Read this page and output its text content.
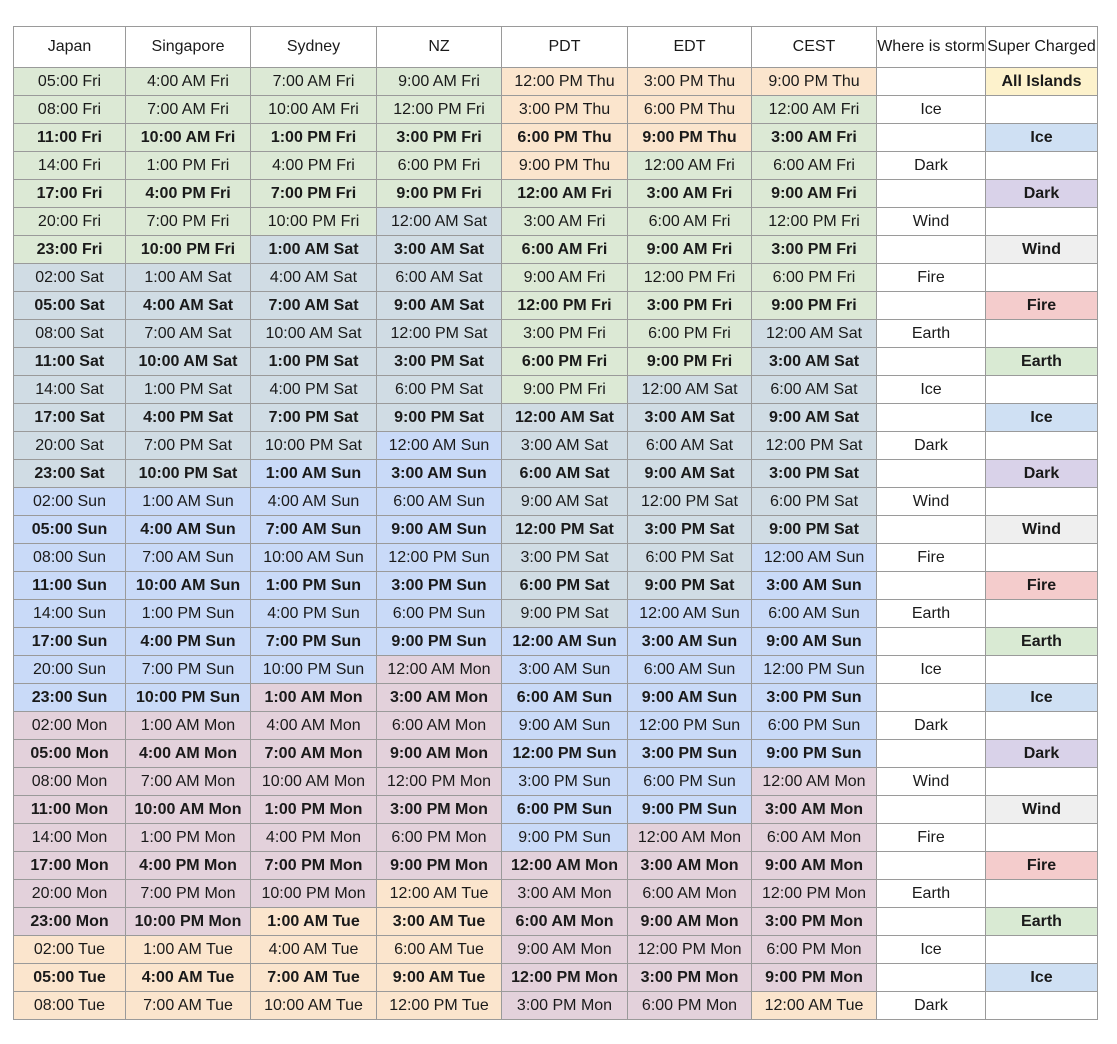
Japan	Singapore	Sydney	NZ	PDT	EDT	CEST	Where is storm	Super Charged
05:00 Fri	4:00 AM Fri	7:00 AM Fri	9:00 AM Fri	12:00 PM Thu	3:00 PM Thu	9:00 PM Thu		All Islands
08:00 Fri	7:00 AM Fri	10:00 AM Fri	12:00 PM Fri	3:00 PM Thu	6:00 PM Thu	12:00 AM Fri	Ice	
11:00 Fri	10:00 AM Fri	1:00 PM Fri	3:00 PM Fri	6:00 PM Thu	9:00 PM Thu	3:00 AM Fri		Ice
14:00 Fri	1:00 PM Fri	4:00 PM Fri	6:00 PM Fri	9:00 PM Thu	12:00 AM Fri	6:00 AM Fri	Dark	
17:00 Fri	4:00 PM Fri	7:00 PM Fri	9:00 PM Fri	12:00 AM Fri	3:00 AM Fri	9:00 AM Fri		Dark
20:00 Fri	7:00 PM Fri	10:00 PM Fri	12:00 AM Sat	3:00 AM Fri	6:00 AM Fri	12:00 PM Fri	Wind	
23:00 Fri	10:00 PM Fri	1:00 AM Sat	3:00 AM Sat	6:00 AM Fri	9:00 AM Fri	3:00 PM Fri		Wind
02:00 Sat	1:00 AM Sat	4:00 AM Sat	6:00 AM Sat	9:00 AM Fri	12:00 PM Fri	6:00 PM Fri	Fire	
05:00 Sat	4:00 AM Sat	7:00 AM Sat	9:00 AM Sat	12:00 PM Fri	3:00 PM Fri	9:00 PM Fri		Fire
08:00 Sat	7:00 AM Sat	10:00 AM Sat	12:00 PM Sat	3:00 PM Fri	6:00 PM Fri	12:00 AM Sat	Earth	
11:00 Sat	10:00 AM Sat	1:00 PM Sat	3:00 PM Sat	6:00 PM Fri	9:00 PM Fri	3:00 AM Sat		Earth
14:00 Sat	1:00 PM Sat	4:00 PM Sat	6:00 PM Sat	9:00 PM Fri	12:00 AM Sat	6:00 AM Sat	Ice	
17:00 Sat	4:00 PM Sat	7:00 PM Sat	9:00 PM Sat	12:00 AM Sat	3:00 AM Sat	9:00 AM Sat		Ice
20:00 Sat	7:00 PM Sat	10:00 PM Sat	12:00 AM Sun	3:00 AM Sat	6:00 AM Sat	12:00 PM Sat	Dark	
23:00 Sat	10:00 PM Sat	1:00 AM Sun	3:00 AM Sun	6:00 AM Sat	9:00 AM Sat	3:00 PM Sat		Dark
02:00 Sun	1:00 AM Sun	4:00 AM Sun	6:00 AM Sun	9:00 AM Sat	12:00 PM Sat	6:00 PM Sat	Wind	
05:00 Sun	4:00 AM Sun	7:00 AM Sun	9:00 AM Sun	12:00 PM Sat	3:00 PM Sat	9:00 PM Sat		Wind
08:00 Sun	7:00 AM Sun	10:00 AM Sun	12:00 PM Sun	3:00 PM Sat	6:00 PM Sat	12:00 AM Sun	Fire	
11:00 Sun	10:00 AM Sun	1:00 PM Sun	3:00 PM Sun	6:00 PM Sat	9:00 PM Sat	3:00 AM Sun		Fire
14:00 Sun	1:00 PM Sun	4:00 PM Sun	6:00 PM Sun	9:00 PM Sat	12:00 AM Sun	6:00 AM Sun	Earth	
17:00 Sun	4:00 PM Sun	7:00 PM Sun	9:00 PM Sun	12:00 AM Sun	3:00 AM Sun	9:00 AM Sun		Earth
20:00 Sun	7:00 PM Sun	10:00 PM Sun	12:00 AM Mon	3:00 AM Sun	6:00 AM Sun	12:00 PM Sun	Ice	
23:00 Sun	10:00 PM Sun	1:00 AM Mon	3:00 AM Mon	6:00 AM Sun	9:00 AM Sun	3:00 PM Sun		Ice
02:00 Mon	1:00 AM Mon	4:00 AM Mon	6:00 AM Mon	9:00 AM Sun	12:00 PM Sun	6:00 PM Sun	Dark	
05:00 Mon	4:00 AM Mon	7:00 AM Mon	9:00 AM Mon	12:00 PM Sun	3:00 PM Sun	9:00 PM Sun		Dark
08:00 Mon	7:00 AM Mon	10:00 AM Mon	12:00 PM Mon	3:00 PM Sun	6:00 PM Sun	12:00 AM Mon	Wind	
11:00 Mon	10:00 AM Mon	1:00 PM Mon	3:00 PM Mon	6:00 PM Sun	9:00 PM Sun	3:00 AM Mon		Wind
14:00 Mon	1:00 PM Mon	4:00 PM Mon	6:00 PM Mon	9:00 PM Sun	12:00 AM Mon	6:00 AM Mon	Fire	
17:00 Mon	4:00 PM Mon	7:00 PM Mon	9:00 PM Mon	12:00 AM Mon	3:00 AM Mon	9:00 AM Mon		Fire
20:00 Mon	7:00 PM Mon	10:00 PM Mon	12:00 AM Tue	3:00 AM Mon	6:00 AM Mon	12:00 PM Mon	Earth	
23:00 Mon	10:00 PM Mon	1:00 AM Tue	3:00 AM Tue	6:00 AM Mon	9:00 AM Mon	3:00 PM Mon		Earth
02:00 Tue	1:00 AM Tue	4:00 AM Tue	6:00 AM Tue	9:00 AM Mon	12:00 PM Mon	6:00 PM Mon	Ice	
05:00 Tue	4:00 AM Tue	7:00 AM Tue	9:00 AM Tue	12:00 PM Mon	3:00 PM Mon	9:00 PM Mon		Ice
08:00 Tue	7:00 AM Tue	10:00 AM Tue	12:00 PM Tue	3:00 PM Mon	6:00 PM Mon	12:00 AM Tue	Dark	
